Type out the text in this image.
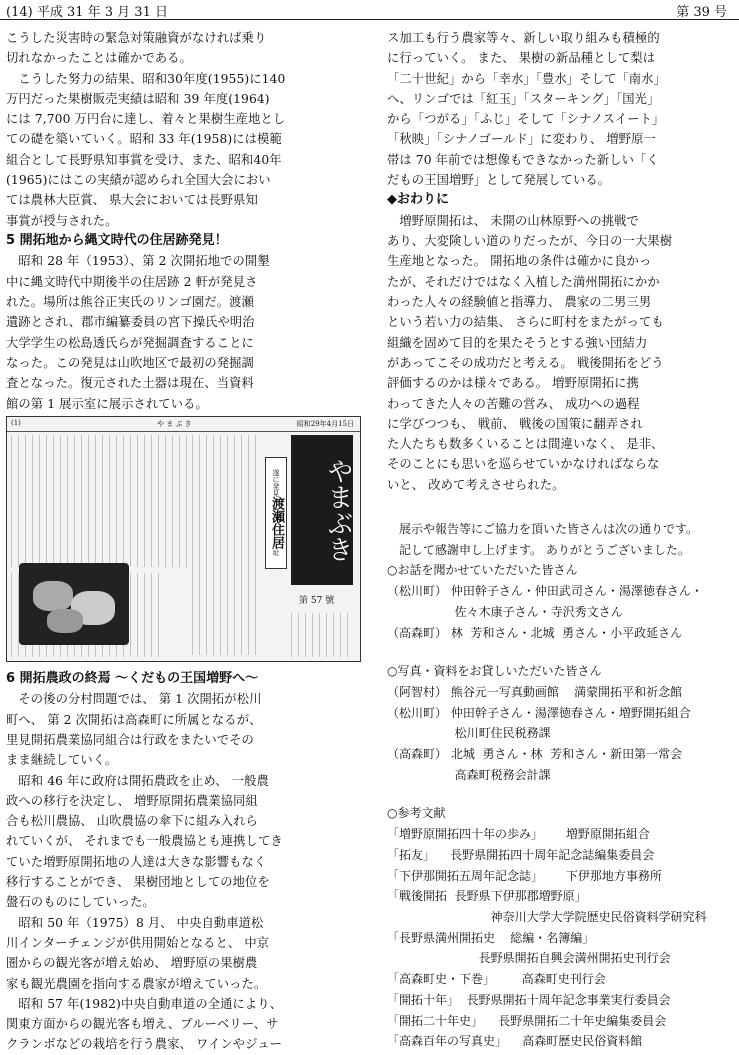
(14) 平成 31 年 3 月 31 日	第 39 号

こうした災害時の緊急対策融資がなければ乗り
切れなかったことは確かである。
　こうした努力の結果、昭和30年度(1955)に140
万円だった果樹販売実績は昭和 39 年度(1964)
には 7,700 万円台に達し、着々と果樹生産地とし
ての礎を築いていく。昭和 33 年(1958)には模範
組合として長野県知事賞を受け、また、昭和40年
(1965)にはこの実績が認められ全国大会におい
ては農林大臣賞、 県大会においては長野県知
事賞が授与された。

5 開拓地から縄文時代の住居跡発見！

　昭和 28 年（1953）、第 2 次開拓地での開墾
中に縄文時代中期後半の住居跡 2 軒が発見さ
れた。場所は熊谷正実氏のリンゴ園だ。渡瀬
遺跡とされ、郡市編纂委員の宮下操氏や明治
大学学生の松島透氏らが発掘調査することに
なった。この発見は山吹地区で最初の発掘調
査となった。復元された土器は現在、当資料
館の第 1 展示室に展示されている。

(1)	や ま ぶ き	昭和29年4月15日
遂に発見渡瀬住居址	やまぶき
第 57 號

6 開拓農政の終焉 ～くだもの王国増野へ～

　その後の分村問題では、 第 1 次開拓が松川
町へ、 第 2 次開拓は高森町に所属となるが、
里見開拓農業協同組合は行政をまたいでその
まま継続していく。
　昭和 46 年に政府は開拓農政を止め、 一般農
政への移行を決定し、 増野原開拓農業協同組
合も松川農協、 山吹農協の傘下に組み入れら
れていくが、 それまでも一般農協とも連携してき
ていた増野原開拓地の人達は大きな影響もなく
移行することができ、 果樹団地としての地位を
盤石のものにしていった。
　昭和 50 年（1975）8 月、 中央自動車道松
川インターチェンジが供用開始となると、 中京
圏からの観光客が増え始め、 増野原の果樹農
家も観光農園を指向する農家が増えていった。
　昭和 57 年(1982)中央自動車道の全通により、
関東方面からの観光客も増え、ブルーベリー、サ
クランボなどの栽培を行う農家、 ワインやジュー

ス加工も行う農家等々、新しい取り組みも積極的
に行っていく。 また、 果樹の新品種として梨は
「二十世紀」から「幸水」「豊水」そして「南水」
へ、リンゴでは「紅玉」「スターキング」「国光」
から「つがる」「ふじ」そして「シナノスイート」
「秋映」「シナノゴールド」に変わり、 増野原一
帯は 70 年前では想像もできなかった新しい「く
だもの王国増野」として発展している。

◆おわりに

　増野原開拓は、 未開の山林原野への挑戦で
あり、大変険しい道のりだったが、今日の一大果樹
生産地となった。 開拓地の条件は確かに良かっ
たが、それだけではなく入植した満州開拓にかか
わった人々の経験値と指導力、 農家の二男三男
という若い力の結集、 さらに町村をまたがっても
組織を固めて目的を果たそうとする強い団結力
があってこその成功だと考える。 戦後開拓をどう
評価するのかは様々である。 増野原開拓に携
わってきた人々の苦難の営み、 成功への過程
に学びつつも、 戦前、 戦後の国策に翻弄され
た人たちも数多くいることは間違いなく、 是非、
そのことにも思いを巡らせていかなければならな
いと、 改めて考えさせられた。

　展示や報告等にご協力を頂いた皆さんは次の通りです。
　記して感謝申し上げます。 ありがとうございました。
○お話を聞かせていただいた皆さん
（松川町） 仲田幹子さん・仲田武司さん・湯澤徳春さん・
　　　　　  佐々木康子さん・寺沢秀文さん
（高森町） 林  芳和さん・北城  勇さん・小平政延さん

○写真・資料をお貸しいただいた皆さん
（阿智村） 熊谷元一写真動画館    満蒙開拓平和祈念館
（松川町） 仲田幹子さん・湯澤徳春さん・増野開拓組合
　　　　　  松川町住民税務課
（高森町） 北城  勇さん・林  芳和さん・新田第一常会
　　　　　  高森町税務会計課

○参考文献
「増野原開拓四十年の歩み」      増野原開拓組合
「拓友」    長野県開拓四十周年記念誌編集委員会
「下伊那開拓五周年記念誌」      下伊那地方事務所
「戦後開拓  長野県下伊那郡増野原」
　　　　　　　　  神奈川大学大学院歴史民俗資料学研究科
「長野県満州開拓史    総編・名簿編」
　　　　　　　  長野県開拓自興会満州開拓史刊行会
「高森町史・下巻」       高森町史刊行会
「開拓十年」  長野県開拓十周年記念事業実行委員会
「開拓二十年史」    長野県開拓二十年史編集委員会
「高森百年の写真史」    高森町歴史民俗資料館
